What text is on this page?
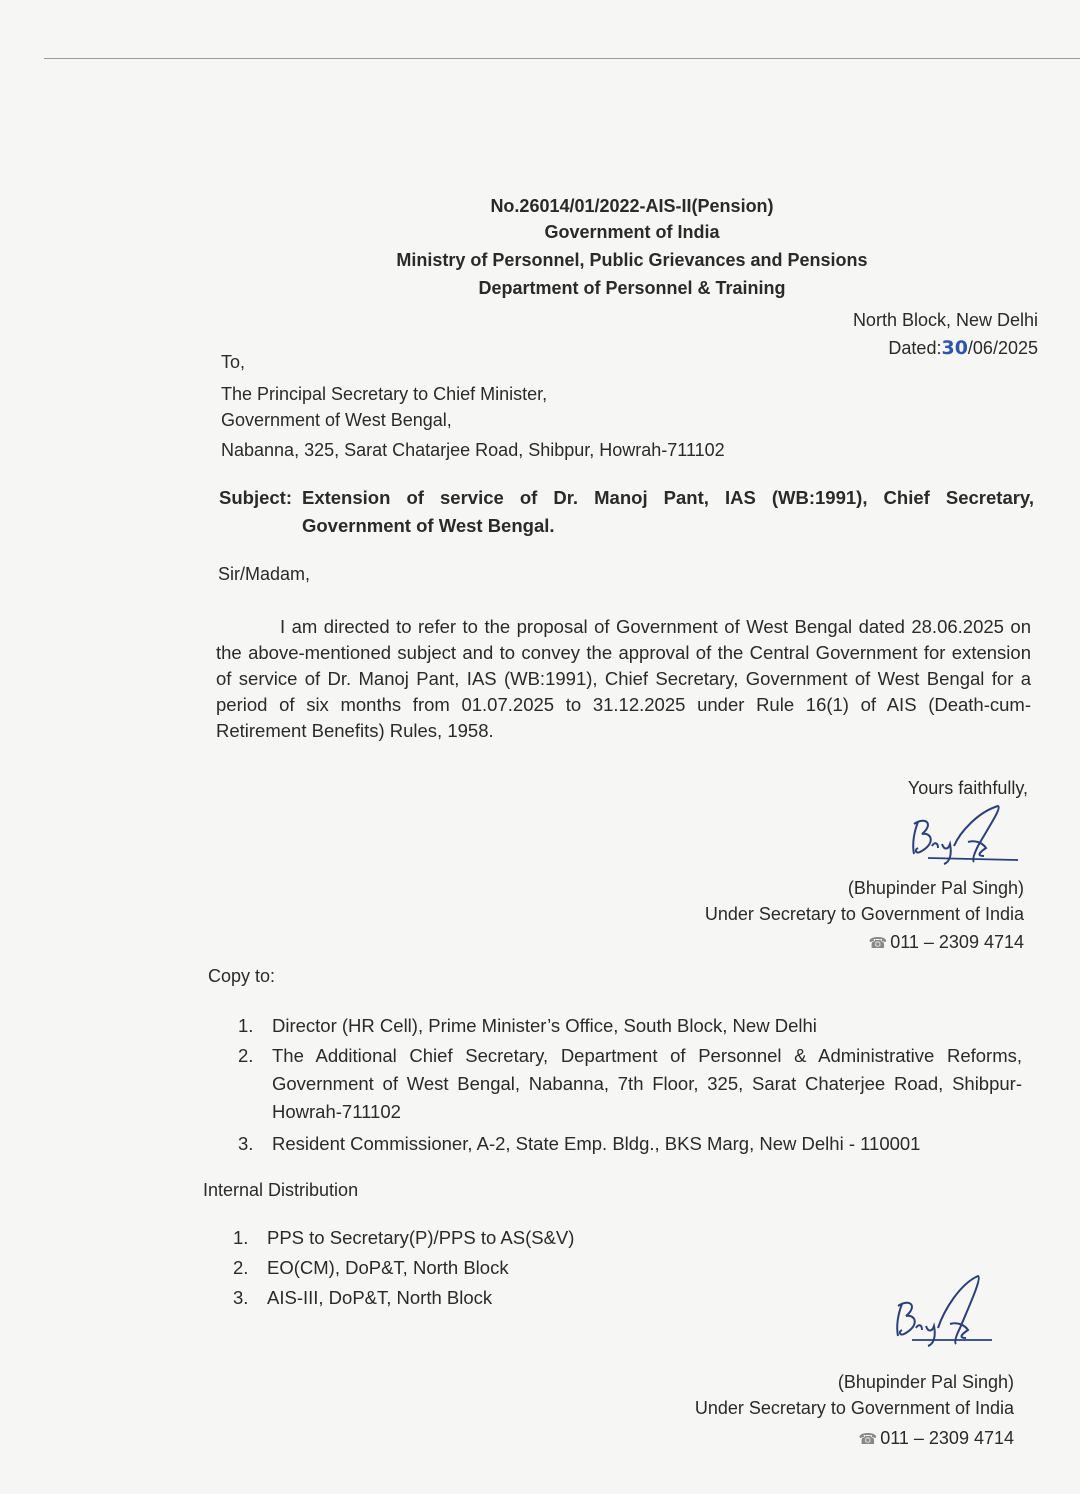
No.26014/01/2022-AIS-II(Pension)
Government of India
Ministry of Personnel, Public Grievances and Pensions
Department of Personnel & Training
North Block, New Delhi
Dated:30/06/2025
To,
The Principal Secretary to Chief Minister,
Government of West Bengal,
Nabanna, 325, Sarat Chatarjee Road, Shibpur, Howrah-711102
Subject: Extension of service of Dr. Manoj Pant, IAS (WB:1991), Chief Secretary, Government of West Bengal.
Sir/Madam,
I am directed to refer to the proposal of Government of West Bengal dated 28.06.2025 on the above-mentioned subject and to convey the approval of the Central Government for extension of service of Dr. Manoj Pant, IAS (WB:1991), Chief Secretary, Government of West Bengal for a period of six months from 01.07.2025 to 31.12.2025 under Rule 16(1) of AIS (Death-cum-Retirement Benefits) Rules, 1958.
Yours faithfully,
(Bhupinder Pal Singh)
Under Secretary to Government of India
☎ 011 – 2309 4714
Copy to:
1. Director (HR Cell), Prime Minister’s Office, South Block, New Delhi
2. The Additional Chief Secretary, Department of Personnel & Administrative Reforms, Government of West Bengal, Nabanna, 7th Floor, 325, Sarat Chaterjee Road, Shibpur-Howrah-711102
3. Resident Commissioner, A-2, State Emp. Bldg., BKS Marg, New Delhi - 110001
Internal Distribution
1. PPS to Secretary(P)/PPS to AS(S&V)
2. EO(CM), DoP&T, North Block
3. AIS-III, DoP&T, North Block
(Bhupinder Pal Singh)
Under Secretary to Government of India
☎ 011 – 2309 4714
